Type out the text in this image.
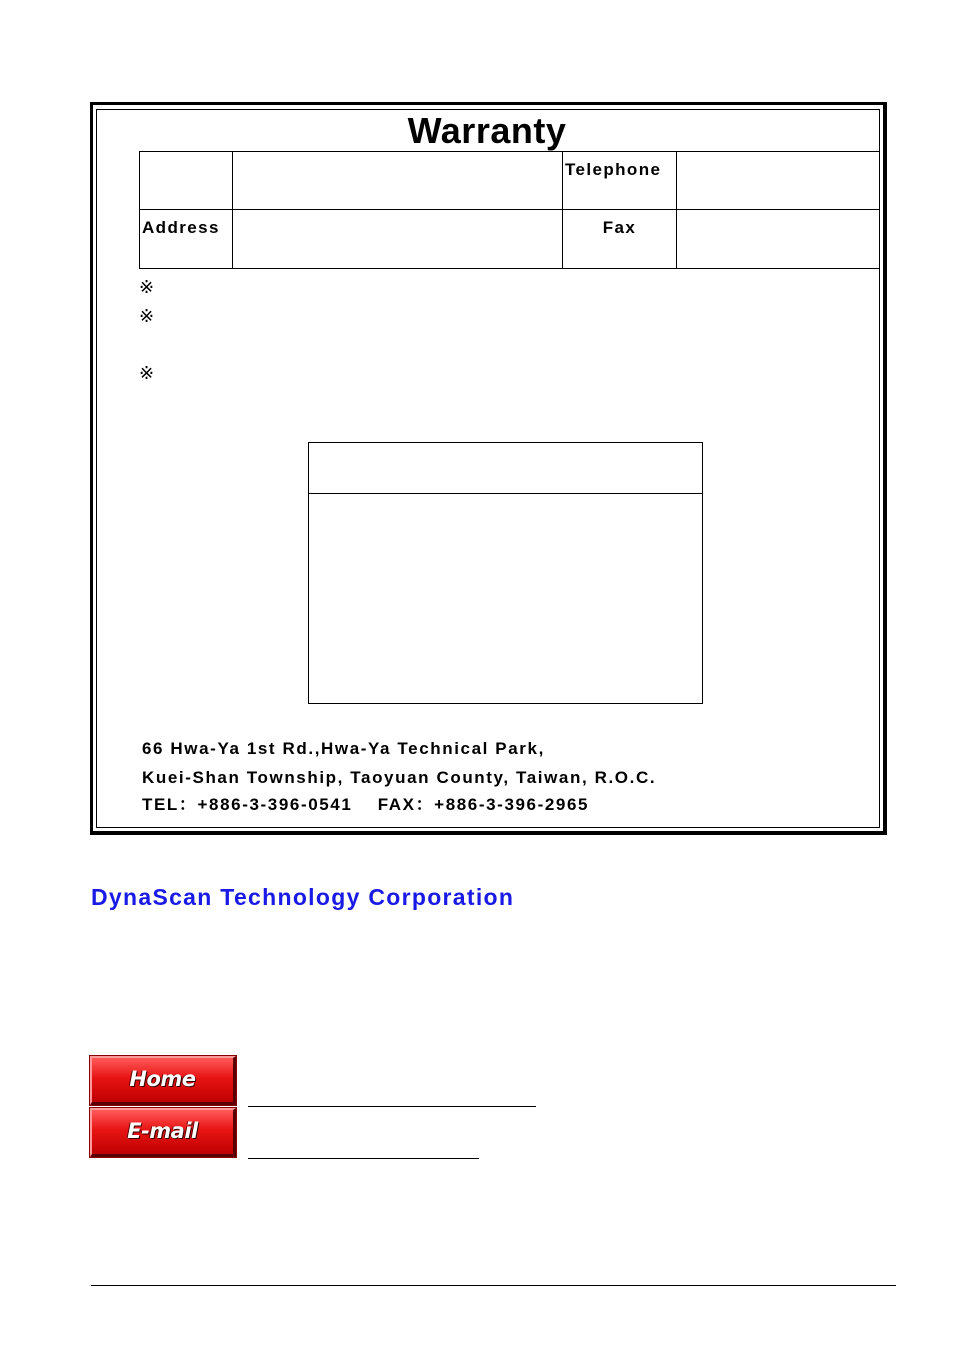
Warranty
		Telephone	
Address		Fax	
※
※
※
66 Hwa-Ya 1st Rd.,Hwa-Ya Technical Park,
Kuei-Shan Township, Taoyuan County, Taiwan, R.O.C.
TEL：+886-3-396-0541    FAX：+886-3-396-2965
DynaScan Technology Corporation
Home
E-mail
